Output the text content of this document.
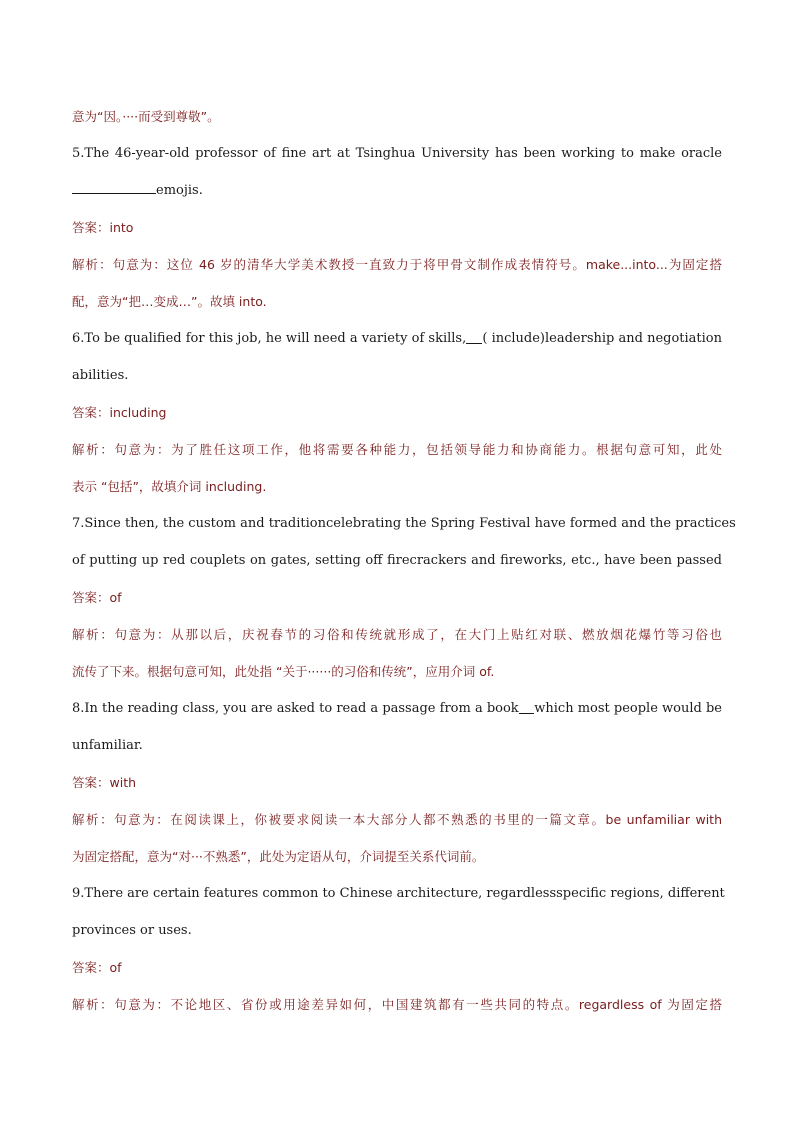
意为“因。····而受到尊敬”。
5.The 46-year-old professor of fine art at Tsinghua University has been working to make oracle
emojis.
答案：into
解析：句意为：这位 46 岁的清华大学美术教授一直致力于将甲骨文制作成表情符号。make...into...为固定搭
配，意为“把…变成…”。故填 into.
6.To be qualified for this job, he will need a variety of skills, ( include)leadership and negotiation
abilities.
答案：including
解析：句意为：为了胜任这项工作，他将需要各种能力，包括领导能力和协商能力。根据句意可知，此处
表示 “包括”，故填介词 including.
7.Since then, the custom and tradition celebrating the Spring Festival have formed and the practices
of putting up red couplets on gates, setting off firecrackers and fireworks, etc., have been passed
答案：of
解析：句意为：从那以后，庆祝春节的习俗和传统就形成了，在大门上贴红对联、燃放烟花爆竹等习俗也
流传了下来。根据句意可知，此处指 “关于······的习俗和传统”，应用介词 of.
8.In the reading class, you are asked to read a passage from a book which most people would be
unfamiliar.
答案：with
解析：句意为：在阅读课上，你被要求阅读一本大部分人都不熟悉的书里的一篇文章。be unfamiliar with
为固定搭配，意为“对···不熟悉”，此处为定语从句，介词提至关系代词前。
9.There are certain features common to Chinese architecture, regardless specific regions, different
provinces or uses.
答案：of
解析：句意为：不论地区、省份或用途差异如何，中国建筑都有一些共同的特点。regardless of 为固定搭
